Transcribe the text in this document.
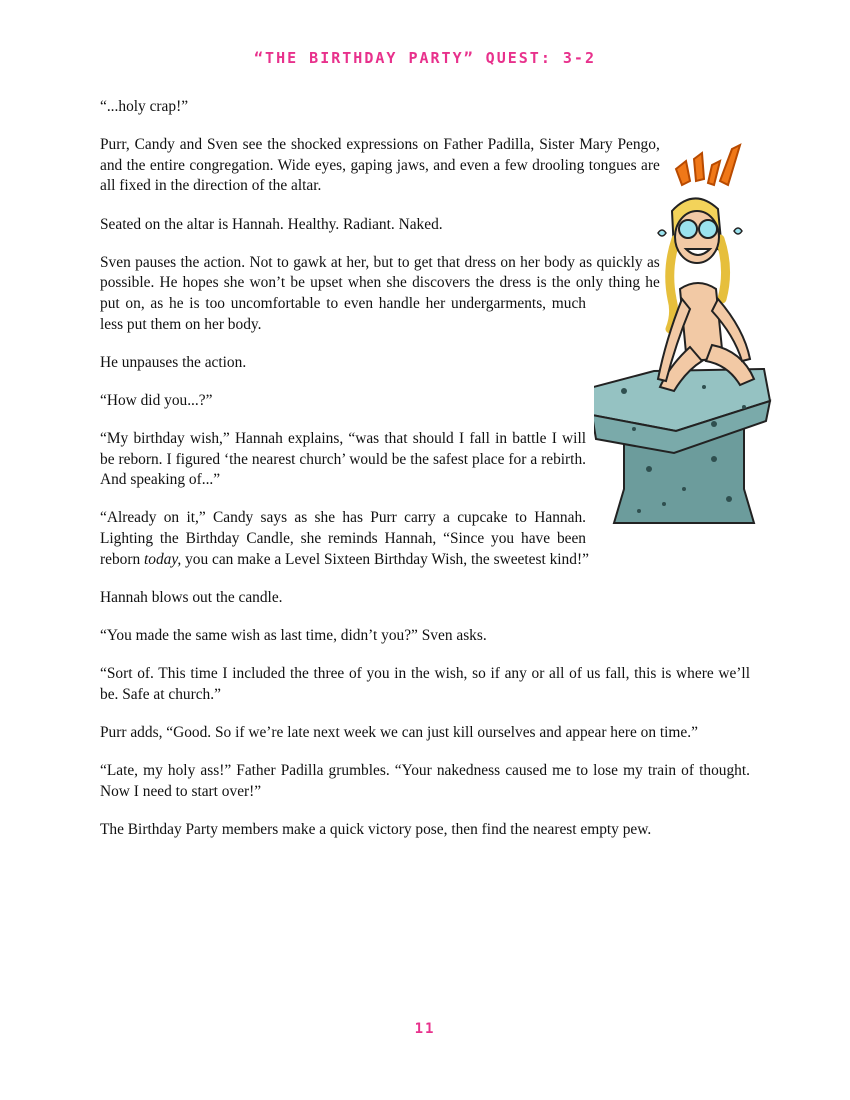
“THE BIRTHDAY PARTY” QUEST: 3-2

“...holy crap!”

Purr, Candy and Sven see the shocked expressions on Father Padilla, Sister Mary Pengo, and the entire congregation. Wide eyes, gaping jaws, and even a few drooling tongues are all fixed in the direction of the altar.

Seated on the altar is Hannah. Healthy. Radiant. Naked.

Sven pauses the action. Not to gawk at her, but to get that dress on her body as quickly as possible. He hopes she won’t be upset when she discovers the dress is the only thing he put on, as he is too uncomfortable to even handle her undergarments, much less put them on her body.

He unpauses the action.

“How did you...?”

“My birthday wish,” Hannah explains, “was that should I fall in battle I will be reborn. I figured ‘the nearest church’ would be the safest place for a rebirth. And speaking of...”

“Already on it,” Candy says as she has Purr carry a cupcake to Hannah. Lighting the Birthday Candle, she reminds Hannah, “Since you have been reborn today, you can make a Level Sixteen Birthday Wish, the sweetest kind!”

Hannah blows out the candle.

“You made the same wish as last time, didn’t you?” Sven asks.

“Sort of. This time I included the three of you in the wish, so if any or all of us fall, this is where we’ll be. Safe at church.”

Purr adds, “Good. So if we’re late next week we can just kill ourselves and appear here on time.”

“Late, my holy ass!” Father Padilla grumbles. “Your nakedness caused me to lose my train of thought. Now I need to start over!”

The Birthday Party members make a quick victory pose, then find the nearest empty pew.

11
